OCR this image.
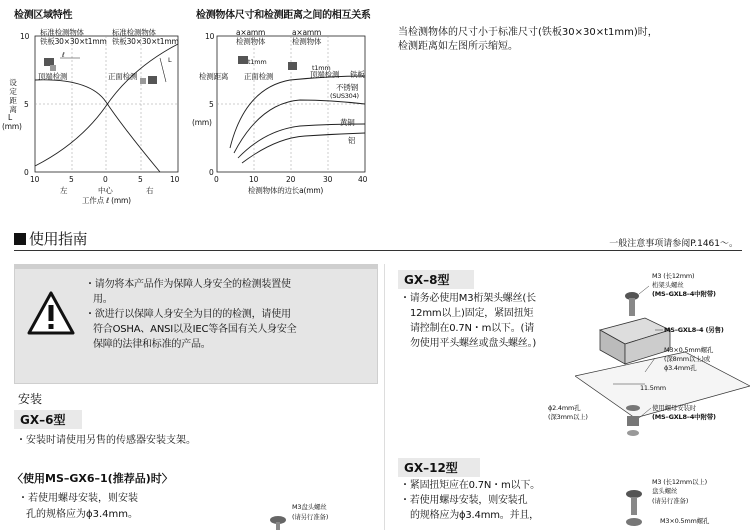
检测区域特性
标准检测物体
铁板30×30×t1mm
标准检测物体
铁板30×30×t1mm
顶端检测	正面检测
ℓ
L
设定距离
L
(mm)
10
5
0
10	5	0	5	10
左	中心	右
工作点 ℓ (mm)
检测物体尺寸和检测距离之间的相互关系
a×amm
检测物体
a×amm
检测物体
t1mm
t1mm
顶端检测
正面检测	铁板
不锈钢
(SUS304)
黄铜
铝
检测距离
(mm)
10
5
0
0	10	20	30	40
检测物体的边长a(mm)
当检测物体的尺寸小于标准尺寸(铁板30×30×t1mm)时，
检测距离如左图所示缩短。
使用指南	一般注意事项请参阅P.1461～。
・请勿将本产品作为保障人身安全的检测装置使
用。
・欲进行以保障人身安全为目的的检测，请使用
符合OSHA、ANSI以及IEC等各国有关人身安全
保障的法律和标准的产品。
安装
GX–6型
・安装时请使用另售的传感器安装支架。
〈使用MS–GX6–1(推荐品)时〉
・若使用螺母安装，则安装
孔的规格应为ϕ3.4mm。
M3盘头螺丝
(请另行准备)
GX–8型
・请务必使用M3桁架头螺丝(长
12mm以上)固定，紧固扭矩
请控制在0.7N・m以下。(请
勿使用平头螺丝或盘头螺丝。)
M3 (长12mm)
桁架头螺丝
(MS–GXL8–4中附带)
MS–GXL8–4 (另售)
M3×0.5mm螺孔
(深8mm以上)或
ϕ3.4mm孔
11.5mm
ϕ2.4mm孔
(深3mm以上)
使用螺母安装时
(MS–GXL8–4中附带)
GX–12型
・紧固扭矩应在0.7N・m以下。
・若使用螺母安装，则安装孔
的规格应为ϕ3.4mm。并且，
M3 (长12mm以上)
盘头螺丝
(请另行准备)
M3×0.5mm螺孔
